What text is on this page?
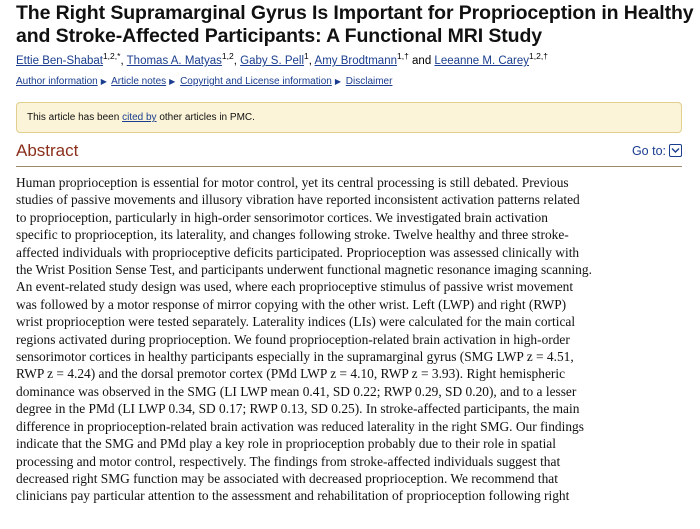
The Right Supramarginal Gyrus Is Important for Proprioception in Healthy
and Stroke-Affected Participants: A Functional MRI Study
Ettie Ben-Shabat$^{1,2,*}$, Thomas A. Matyas$^{1,2}$, Gaby S. Pell$^1$, Amy Brodtmann$^{1,\dagger}$ and Leeanne M. Carey$^{1,2,\dagger}$
Author information ▶ Article notes ▶ Copyright and License information ▶ Disclaimer
This article has been cited by other articles in PMC.
Abstract	Go to:
Human proprioception is essential for motor control, yet its central processing is still debated. Previous
studies of passive movements and illusory vibration have reported inconsistent activation patterns related
to proprioception, particularly in high-order sensorimotor cortices. We investigated brain activation
specific to proprioception, its laterality, and changes following stroke. Twelve healthy and three stroke-
affected individuals with proprioceptive deficits participated. Proprioception was assessed clinically with
the Wrist Position Sense Test, and participants underwent functional magnetic resonance imaging scanning.
An event-related study design was used, where each proprioceptive stimulus of passive wrist movement
was followed by a motor response of mirror copying with the other wrist. Left (LWP) and right (RWP)
wrist proprioception were tested separately. Laterality indices (LIs) were calculated for the main cortical
regions activated during proprioception. We found proprioception-related brain activation in high-order
sensorimotor cortices in healthy participants especially in the supramarginal gyrus (SMG LWP z = 4.51,
RWP z = 4.24) and the dorsal premotor cortex (PMd LWP z = 4.10, RWP z = 3.93). Right hemispheric
dominance was observed in the SMG (LI LWP mean 0.41, SD 0.22; RWP 0.29, SD 0.20), and to a lesser
degree in the PMd (LI LWP 0.34, SD 0.17; RWP 0.13, SD 0.25). In stroke-affected participants, the main
difference in proprioception-related brain activation was reduced laterality in the right SMG. Our findings
indicate that the SMG and PMd play a key role in proprioception probably due to their role in spatial
processing and motor control, respectively. The findings from stroke-affected individuals suggest that
decreased right SMG function may be associated with decreased proprioception. We recommend that
clinicians pay particular attention to the assessment and rehabilitation of proprioception following right
